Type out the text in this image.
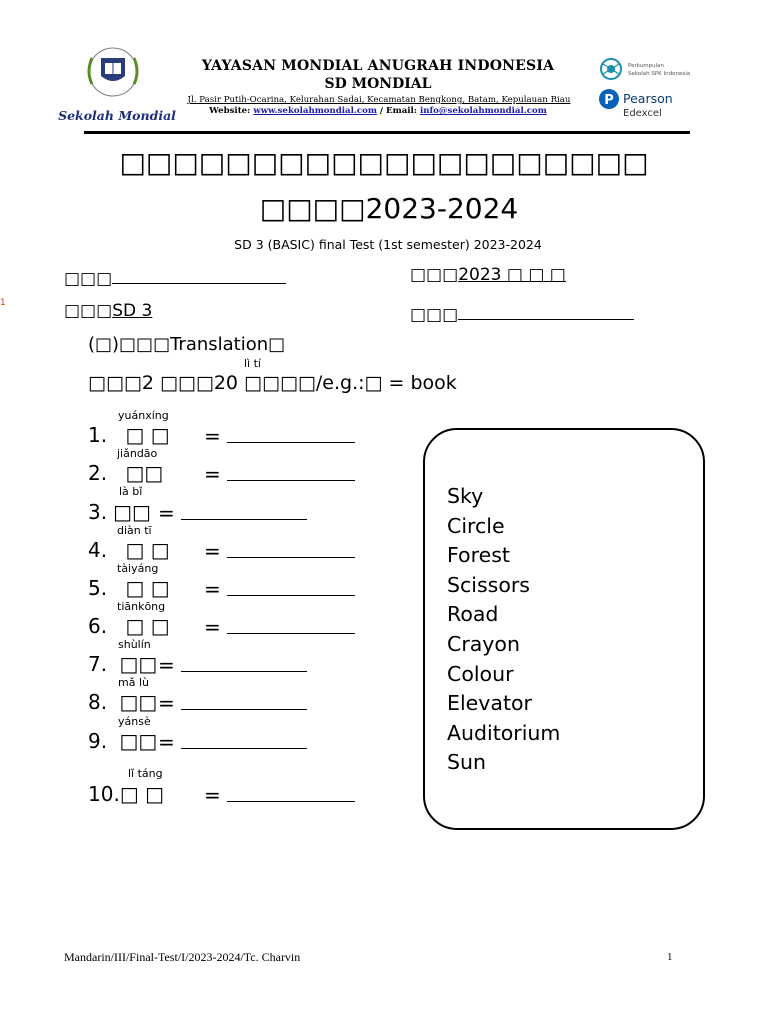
Sekolah Mondial
YAYASAN MONDIAL ANUGRAH INDONESIA
SD MONDIAL
Jl. Pasir Putih-Ocarina, Kelurahan Sadai, Kecamatan Bengkong, Batam, Kepulauan Riau
Website: www.sekolahmondial.com / Email: info@sekolahmondial.com
Perkumpulan
Sekolah SPK Indonesia
P Pearson
Edexcel
□□□□□□□□□□□□□□□□□□□□
□□□□2023-2024
SD 3 (BASIC) final Test (1st semester) 2023-2024
□□□	□□□2023 □ □ □
□□□SD 3	□□□
1
(□)□□□Translation□
lì tí
□□□2 □□□20 □□□□/e.g.:□ = book
yuánxíng
1. □ □ =
jiǎndāo
2. □□ =
là bǐ
3. □□ =
diàn tī
4. □ □ =
tàiyáng
5. □ □ =
tiānkōng
6. □ □ =
shùlín
7. □□ =
mǎ lù
8. □□ =
yánsè
9. □□ =
lǐ táng
10.□ □ =
Sky
Circle
Forest
Scissors
Road
Crayon
Colour
Elevator
Auditorium
Sun
Mandarin/III/Final-Test/I/2023-2024/Tc. Charvin	1
